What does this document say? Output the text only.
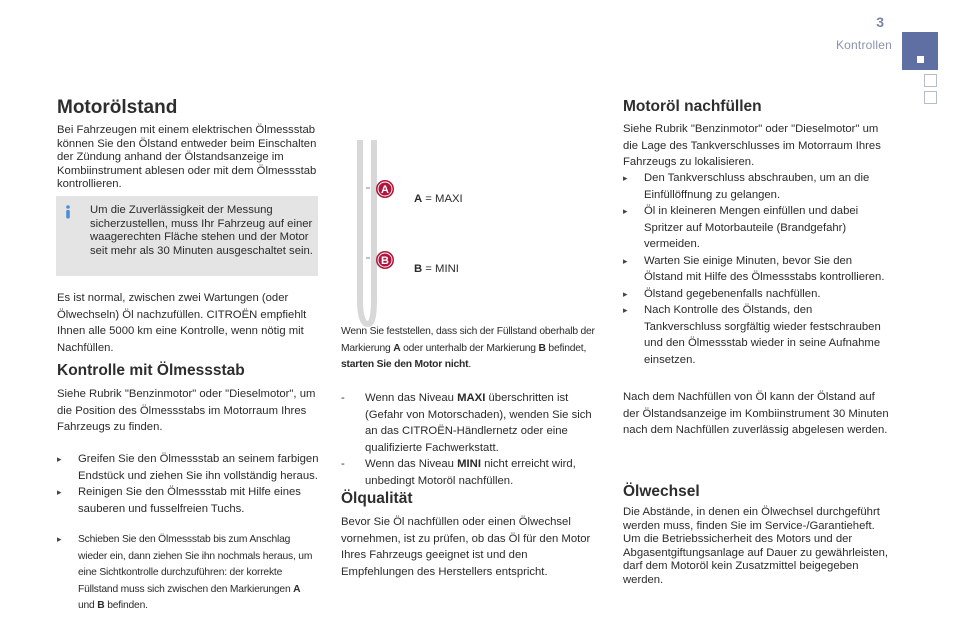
3
Kontrollen
Motorölstand
Bei Fahrzeugen mit einem elektrischen Ölmessstab können Sie den Ölstand entweder beim Einschalten der Zündung anhand der Ölstandsanzeige im Kombiinstrument ablesen oder mit dem Ölmessstab kontrollieren.
Um die Zuverlässigkeit der Messung sicherzustellen, muss Ihr Fahrzeug auf einer waagerechten Fläche stehen und der Motor seit mehr als 30 Minuten ausgeschaltet sein.
Es ist normal, zwischen zwei Wartungen (oder Ölwechseln) Öl nachzufüllen. CITROËN empfiehlt Ihnen alle 5000 km eine Kontrolle, wenn nötig mit Nachfüllen.
Kontrolle mit Ölmessstab
Siehe Rubrik "Benzinmotor" oder "Dieselmotor", um die Position des Ölmessstabs im Motorraum Ihres Fahrzeugs zu finden.
▸ Greifen Sie den Ölmessstab an seinem farbigen Endstück und ziehen Sie ihn vollständig heraus.
▸ Reinigen Sie den Ölmessstab mit Hilfe eines sauberen und fusselfreien Tuchs.
▸ Schieben Sie den Ölmessstab bis zum Anschlag wieder ein, dann ziehen Sie ihn nochmals heraus, um eine Sichtkontrolle durchzuführen: der korrekte Füllstand muss sich zwischen den Markierungen A und B befinden.
A
B
A = MAXI
B = MINI
Wenn Sie feststellen, dass sich der Füllstand oberhalb der Markierung A oder unterhalb der Markierung B befindet, starten Sie den Motor nicht.
- Wenn das Niveau MAXI überschritten ist (Gefahr von Motorschaden), wenden Sie sich an das CITROËN-Händlernetz oder eine qualifizierte Fachwerkstatt.
- Wenn das Niveau MINI nicht erreicht wird, unbedingt Motoröl nachfüllen.
Ölqualität
Bevor Sie Öl nachfüllen oder einen Ölwechsel vornehmen, ist zu prüfen, ob das Öl für den Motor Ihres Fahrzeugs geeignet ist und den Empfehlungen des Herstellers entspricht.
Motoröl nachfüllen
Siehe Rubrik "Benzinmotor" oder "Dieselmotor" um die Lage des Tankverschlusses im Motorraum Ihres Fahrzeugs zu lokalisieren.
▸ Den Tankverschluss abschrauben, um an die Einfüllöffnung zu gelangen.
▸ Öl in kleineren Mengen einfüllen und dabei Spritzer auf Motorbauteile (Brandgefahr) vermeiden.
▸ Warten Sie einige Minuten, bevor Sie den Ölstand mit Hilfe des Ölmessstabs kontrollieren.
▸ Ölstand gegebenenfalls nachfüllen.
▸ Nach Kontrolle des Ölstands, den Tankverschluss sorgfältig wieder festschrauben und den Ölmessstab wieder in seine Aufnahme einsetzen.
Nach dem Nachfüllen von Öl kann der Ölstand auf der Ölstandsanzeige im Kombiinstrument 30 Minuten nach dem Nachfüllen zuverlässig abgelesen werden.
Ölwechsel
Die Abstände, in denen ein Ölwechsel durchgeführt werden muss, finden Sie im Service-/Garantieheft.
Um die Betriebssicherheit des Motors und der Abgasentgiftungsanlage auf Dauer zu gewährleisten, darf dem Motoröl kein Zusatzmittel beigegeben werden.
